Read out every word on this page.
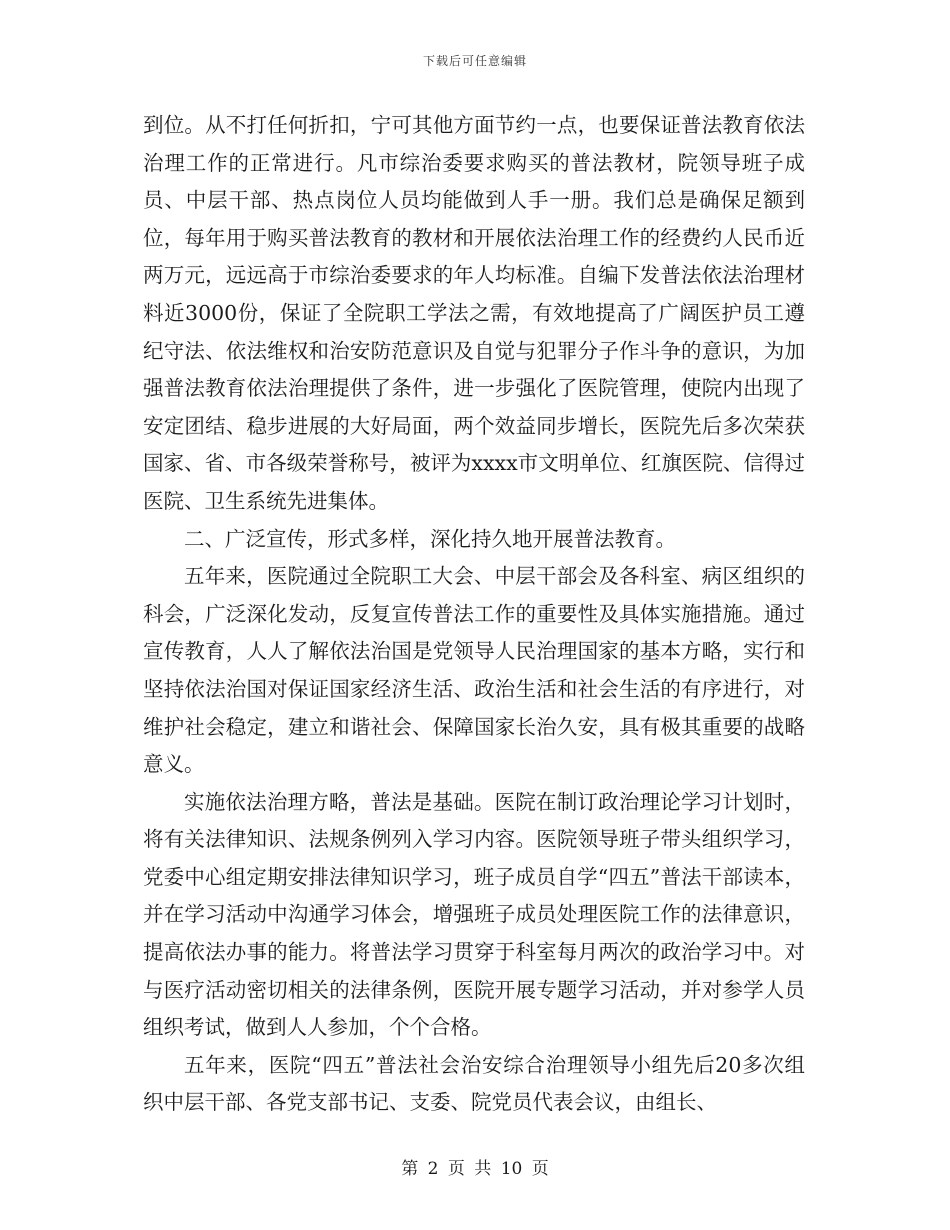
下载后可任意编辑

到位。从不打任何折扣，宁可其他方面节约一点，也要保证普法教育依法治理工作的正常进行。凡市综治委要求购买的普法教材，院领导班子成员、中层干部、热点岗位人员均能做到人手一册。我们总是确保足额到位，每年用于购买普法教育的教材和开展依法治理工作的经费约人民币近两万元，远远高于市综治委要求的年人均标准。自编下发普法依法治理材料近3000份，保证了全院职工学法之需，有效地提高了广阔医护员工遵纪守法、依法维权和治安防范意识及自觉与犯罪分子作斗争的意识，为加强普法教育依法治理提供了条件，进一步强化了医院管理，使院内出现了安定团结、稳步进展的大好局面，两个效益同步增长，医院先后多次荣获国家、省、市各级荣誉称号，被评为xxxx市文明单位、红旗医院、信得过医院、卫生系统先进集体。

二、广泛宣传，形式多样，深化持久地开展普法教育。

五年来，医院通过全院职工大会、中层干部会及各科室、病区组织的科会，广泛深化发动，反复宣传普法工作的重要性及具体实施措施。通过宣传教育，人人了解依法治国是党领导人民治理国家的基本方略，实行和坚持依法治国对保证国家经济生活、政治生活和社会生活的有序进行，对维护社会稳定，建立和谐社会、保障国家长治久安，具有极其重要的战略意义。

实施依法治理方略，普法是基础。医院在制订政治理论学习计划时，将有关法律知识、法规条例列入学习内容。医院领导班子带头组织学习，党委中心组定期安排法律知识学习，班子成员自学“四五”普法干部读本，并在学习活动中沟通学习体会，增强班子成员处理医院工作的法律意识，提高依法办事的能力。将普法学习贯穿于科室每月两次的政治学习中。对与医疗活动密切相关的法律条例，医院开展专题学习活动，并对参学人员组织考试，做到人人参加，个个合格。

五年来，医院“四五”普法社会治安综合治理领导小组先后20多次组织中层干部、各党支部书记、支委、院党员代表会议，由组长、

第 2 页 共 10 页
